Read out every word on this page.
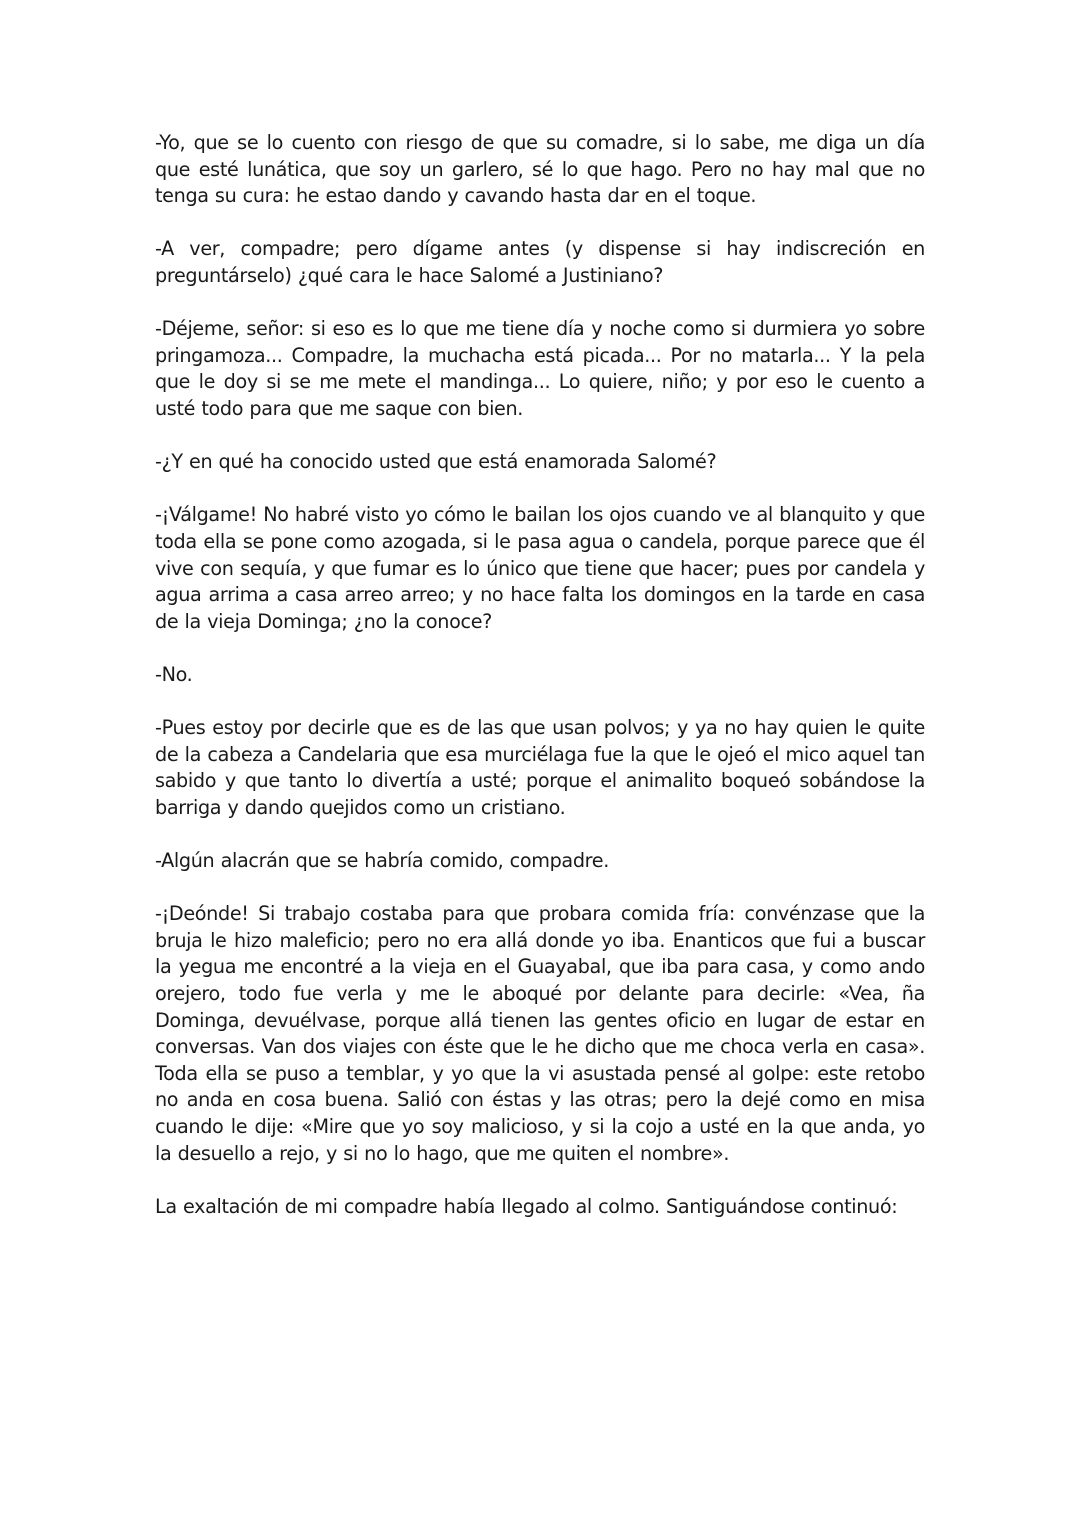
-Yo, que se lo cuento con riesgo de que su comadre, si lo sabe, me diga un día que esté lunática, que soy un garlero, sé lo que hago. Pero no hay mal que no tenga su cura: he estao dando y cavando hasta dar en el toque.

-A ver, compadre; pero dígame antes (y dispense si hay indiscreción en preguntárselo) ¿qué cara le hace Salomé a Justiniano?

-Déjeme, señor: si eso es lo que me tiene día y noche como si durmiera yo sobre pringamoza... Compadre, la muchacha está picada... Por no matarla... Y la pela que le doy si se me mete el mandinga... Lo quiere, niño; y por eso le cuento a usté todo para que me saque con bien.

-¿Y en qué ha conocido usted que está enamorada Salomé?

-¡Válgame! No habré visto yo cómo le bailan los ojos cuando ve al blanquito y que toda ella se pone como azogada, si le pasa agua o candela, porque parece que él vive con sequía, y que fumar es lo único que tiene que hacer; pues por candela y agua arrima a casa arreo arreo; y no hace falta los domingos en la tarde en casa de la vieja Dominga; ¿no la conoce?

-No.

-Pues estoy por decirle que es de las que usan polvos; y ya no hay quien le quite de la cabeza a Candelaria que esa murciélaga fue la que le ojeó el mico aquel tan sabido y que tanto lo divertía a usté; porque el animalito boqueó sobándose la barriga y dando quejidos como un cristiano.

-Algún alacrán que se habría comido, compadre.

-¡Deónde! Si trabajo costaba para que probara comida fría: convénzase que la bruja le hizo maleficio; pero no era allá donde yo iba. Enanticos que fui a buscar la yegua me encontré a la vieja en el Guayabal, que iba para casa, y como ando orejero, todo fue verla y me le aboqué por delante para decirle: «Vea, ña Dominga, devuélvase, porque allá tienen las gentes oficio en lugar de estar en conversas. Van dos viajes con éste que le he dicho que me choca verla en casa». Toda ella se puso a temblar, y yo que la vi asustada pensé al golpe: este retobo no anda en cosa buena. Salió con éstas y las otras; pero la dejé como en misa cuando le dije: «Mire que yo soy malicioso, y si la cojo a usté en la que anda, yo la desuello a rejo, y si no lo hago, que me quiten el nombre».

La exaltación de mi compadre había llegado al colmo. Santiguándose continuó:
